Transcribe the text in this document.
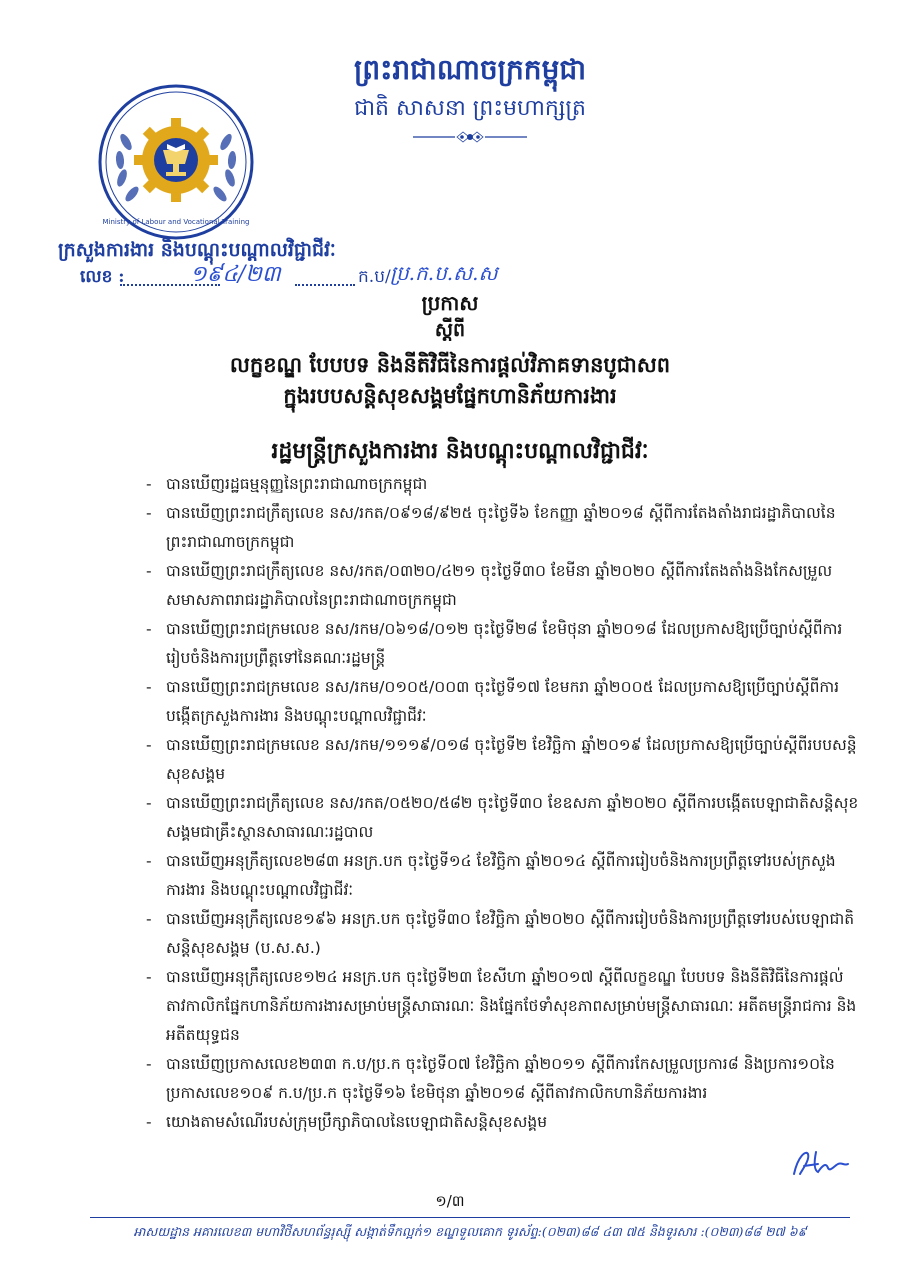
Ministry of Labour and Vocational Training
ព្រះរាជាណាចក្រកម្ពុជា
ជាតិ សាសនា ព្រះមហាក្សត្រ
ក្រសួងការងារ និងបណ្តុះបណ្តាលវិជ្ជាជីវៈ
លេខ :	១៩៤/២៣	ក.ប/ ប្រ.ក.ប.ស.ស
ប្រកាស
ស្តីពី
លក្ខខណ្ឌ បែបបទ និងនីតិវិធីនៃការផ្តល់វិភាគទានបូជាសព
ក្នុងរបបសន្តិសុខសង្គមផ្នែកហានិភ័យការងារ
រដ្ឋមន្ត្រីក្រសួងការងារ និងបណ្តុះបណ្តាលវិជ្ជាជីវៈ
- បានឃើញរដ្ឋធម្មនុញ្ញនៃព្រះរាជាណាចក្រកម្ពុជា
- បានឃើញព្រះរាជក្រឹត្យលេខ នស/រកត/០៩១៨/៩២៥ ចុះថ្ងៃទី៦ ខែកញ្ញា ឆ្នាំ២០១៨ ស្តីពីការតែងតាំងរាជរដ្ឋាភិបាលនៃព្រះរាជាណាចក្រកម្ពុជា
- បានឃើញព្រះរាជក្រឹត្យលេខ នស/រកត/០៣២០/៤២១ ចុះថ្ងៃទី៣០ ខែមីនា ឆ្នាំ២០២០ ស្តីពីការតែងតាំងនិងកែសម្រួលសមាសភាពរាជរដ្ឋាភិបាលនៃព្រះរាជាណាចក្រកម្ពុជា
- បានឃើញព្រះរាជក្រមលេខ នស/រកម/០៦១៨/០១២ ចុះថ្ងៃទី២៨ ខែមិថុនា ឆ្នាំ២០១៨ ដែលប្រកាសឱ្យប្រើច្បាប់ស្តីពីការរៀបចំនិងការប្រព្រឹត្តទៅនៃគណៈរដ្ឋមន្ត្រី
- បានឃើញព្រះរាជក្រមលេខ នស/រកម/០១០៥/០០៣ ចុះថ្ងៃទី១៧ ខែមករា ឆ្នាំ២០០៥ ដែលប្រកាសឱ្យប្រើច្បាប់ស្តីពីការបង្កើតក្រសួងការងារ និងបណ្តុះបណ្តាលវិជ្ជាជីវៈ
- បានឃើញព្រះរាជក្រមលេខ នស/រកម/១១១៩/០១៨ ចុះថ្ងៃទី២ ខែវិច្ឆិកា ឆ្នាំ២០១៩ ដែលប្រកាសឱ្យប្រើច្បាប់ស្តីពីរបបសន្តិសុខសង្គម
- បានឃើញព្រះរាជក្រឹត្យលេខ នស/រកត/០៥២០/៥៨២ ចុះថ្ងៃទី៣០ ខែឧសភា ឆ្នាំ២០២០ ស្តីពីការបង្កើតបេឡាជាតិសន្តិសុខសង្គមជាគ្រឹះស្ថានសាធារណៈរដ្ឋបាល
- បានឃើញអនុក្រឹត្យលេខ២៨៣ អនក្រ.បក ចុះថ្ងៃទី១៤ ខែវិច្ឆិកា ឆ្នាំ២០១៤ ស្តីពីការរៀបចំនិងការប្រព្រឹត្តទៅរបស់ក្រសួងការងារ និងបណ្តុះបណ្តាលវិជ្ជាជីវៈ
- បានឃើញអនុក្រឹត្យលេខ១៩៦ អនក្រ.បក ចុះថ្ងៃទី៣០ ខែវិច្ឆិកា ឆ្នាំ២០២០ ស្តីពីការរៀបចំនិងការប្រព្រឹត្តទៅរបស់បេឡាជាតិសន្តិសុខសង្គម (ប.ស.ស.)
- បានឃើញអនុក្រឹត្យលេខ១២៤ អនក្រ.បក ចុះថ្ងៃទី២៣ ខែសីហា ឆ្នាំ២០១៧ ស្តីពីលក្ខខណ្ឌ បែបបទ និងនីតិវិធីនៃការផ្តល់តាវកាលិកផ្នែកហានិភ័យការងារសម្រាប់មន្ត្រីសាធារណៈ និងផ្នែកថែទាំសុខភាពសម្រាប់មន្ត្រីសាធារណៈ អតីតមន្ត្រីរាជការ និងអតីតយុទ្ធជន
- បានឃើញប្រកាសលេខ២៣៣ ក.ប/ប្រ.ក ចុះថ្ងៃទី០៧ ខែវិច្ឆិកា ឆ្នាំ២០១១ ស្តីពីការកែសម្រួលប្រការ៨ និងប្រការ១០នៃប្រកាសលេខ១០៩ ក.ប/ប្រ.ក ចុះថ្ងៃទី១៦ ខែមិថុនា ឆ្នាំ២០១៨ ស្តីពីតាវកាលិកហានិភ័យការងារ
- យោងតាមសំណើរបស់ក្រុមប្រឹក្សាភិបាលនៃបេឡាជាតិសន្តិសុខសង្គម
១/៣
អាសយដ្ឋាន អគារលេខ៣ មហាវិថីសហព័ន្ធរុស្ស៊ី សង្កាត់ទឹកល្អក់១ ខណ្ឌទួលគោក ទូរស័ព្ទ:(០២៣)៨៨ ៤៣ ៧៥ និងទូរសារ :(០២៣)៨៨ ២៧ ៦៩
